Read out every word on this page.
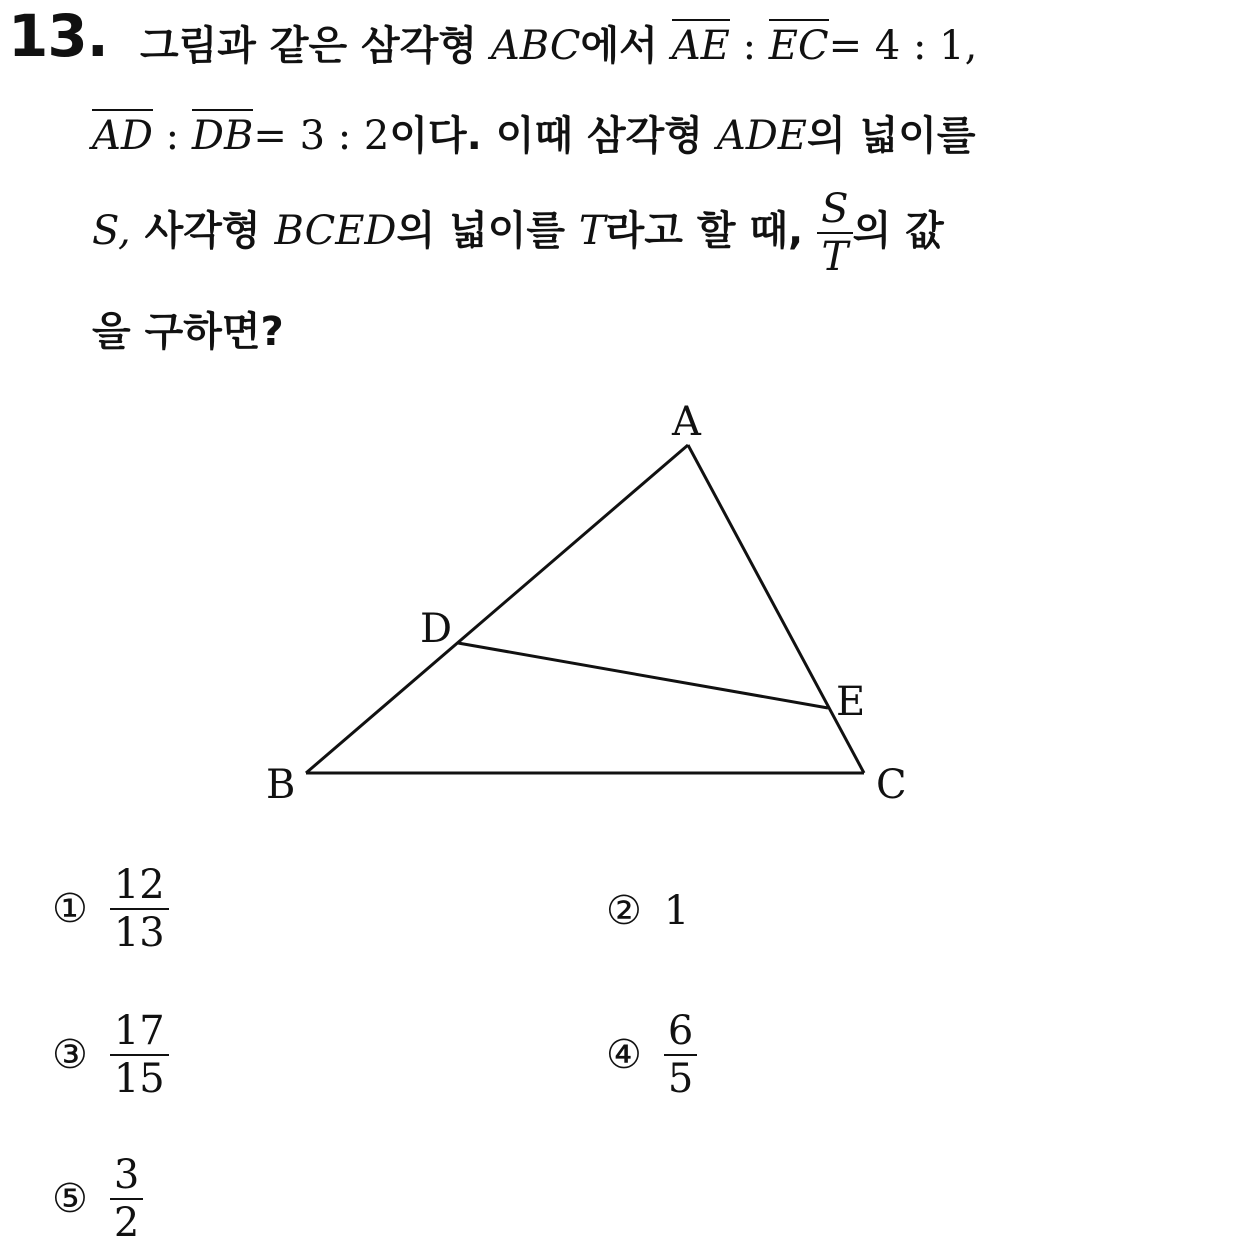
13. 그림과 같은 삼각형 ABC에서 AE : EC= 4 : 1,
AD : DB= 3 : 2이다. 이때 삼각형 ADE의 넓이를
S, 사각형 BCED의 넓이를 T라고 할 때, $\frac{S}{T}$ 의 값
을 구하면?
A
B	C
D
E
① $\frac{12}{13}$	② 1
③ $\frac{17}{15}$	④ $\frac{6}{5}$
⑤ $\frac{3}{2}$
